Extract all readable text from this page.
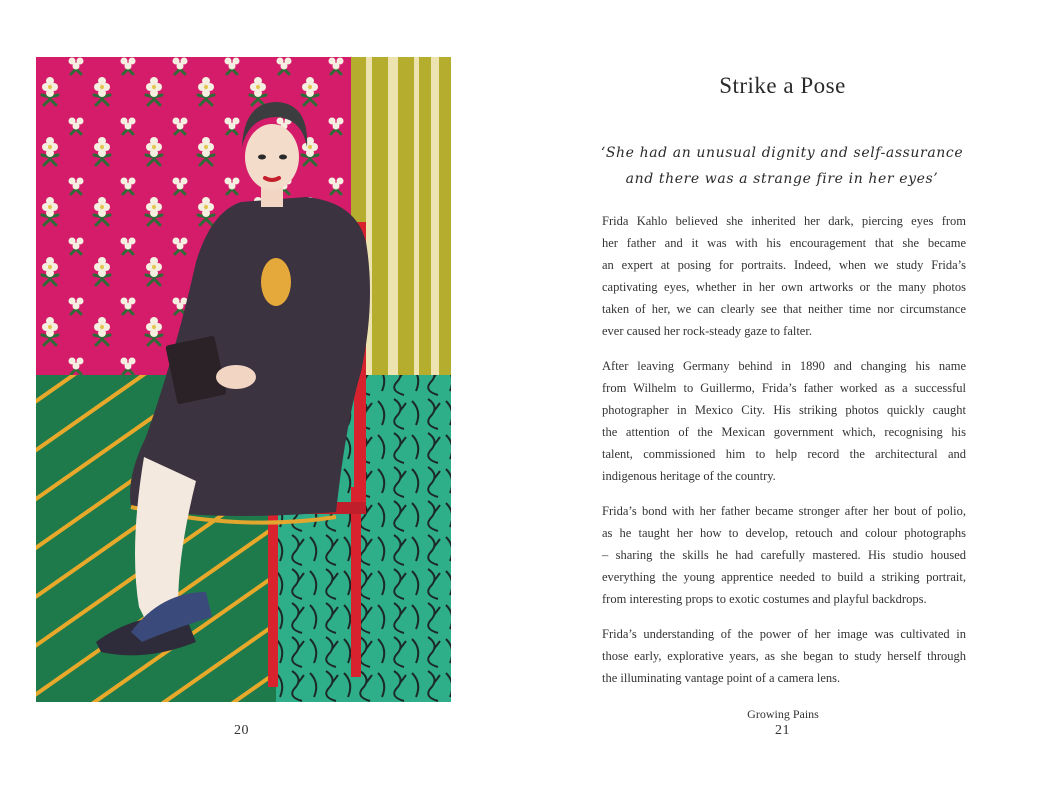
20
Strike a Pose
‘She had an unusual dignity and self-assurance
and there was a strange fire in her eyes’
Frida Kahlo believed she inherited her dark, piercing eyes from
her father and it was with his encouragement that she became
an expert at posing for portraits. Indeed, when we study Frida’s
captivating eyes, whether in her own artworks or the many photos
taken of her, we can clearly see that neither time nor circumstance
ever caused her rock-steady gaze to falter.
After leaving Germany behind in 1890 and changing his name
from Wilhelm to Guillermo, Frida’s father worked as a successful
photographer in Mexico City. His striking photos quickly caught
the attention of the Mexican government which, recognising his
talent, commissioned him to help record the architectural and
indigenous heritage of the country.
Frida’s bond with her father became stronger after her bout of polio,
as he taught her how to develop, retouch and colour photographs
– sharing the skills he had carefully mastered. His studio housed
everything the young apprentice needed to build a striking portrait,
from interesting props to exotic costumes and playful backdrops.
Frida’s understanding of the power of her image was cultivated in
those early, explorative years, as she began to study herself through
the illuminating vantage point of a camera lens.
Growing Pains
21
